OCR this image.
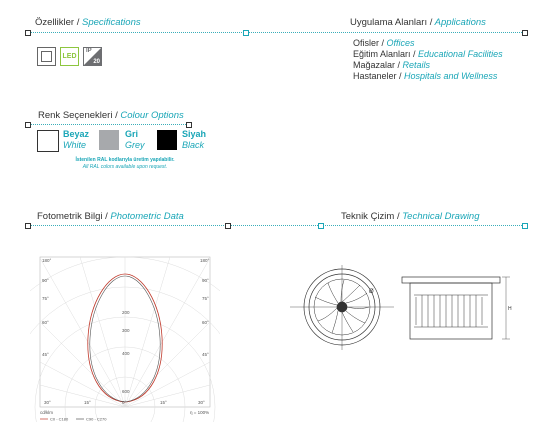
Özellikler / Specifications
LED
IP
20
Uygulama Alanları / Applications
Ofisler / Offices
Eğitim Alanları / Educational Facilities
Mağazalar / Retails
Hastaneler / Hospitals and Wellness
Renk Seçenekleri / Colour Options
Beyaz
White
Gri
Grey
Siyah
Black
İstenilen RAL kodlarıyla üretim yapılabilir.
All RAL colors available upon request.
Fotometrik Bilgi / Photometric Data	Teknik Çizim / Technical Drawing
180°
90°
75°
60°
45°
180°
90°
75°
60°
45°
30°	15°	0°	15°	30°
200
300
400
600
cd/klm	η = 100%
C0 - C180	C90 - C270
Ø
H
